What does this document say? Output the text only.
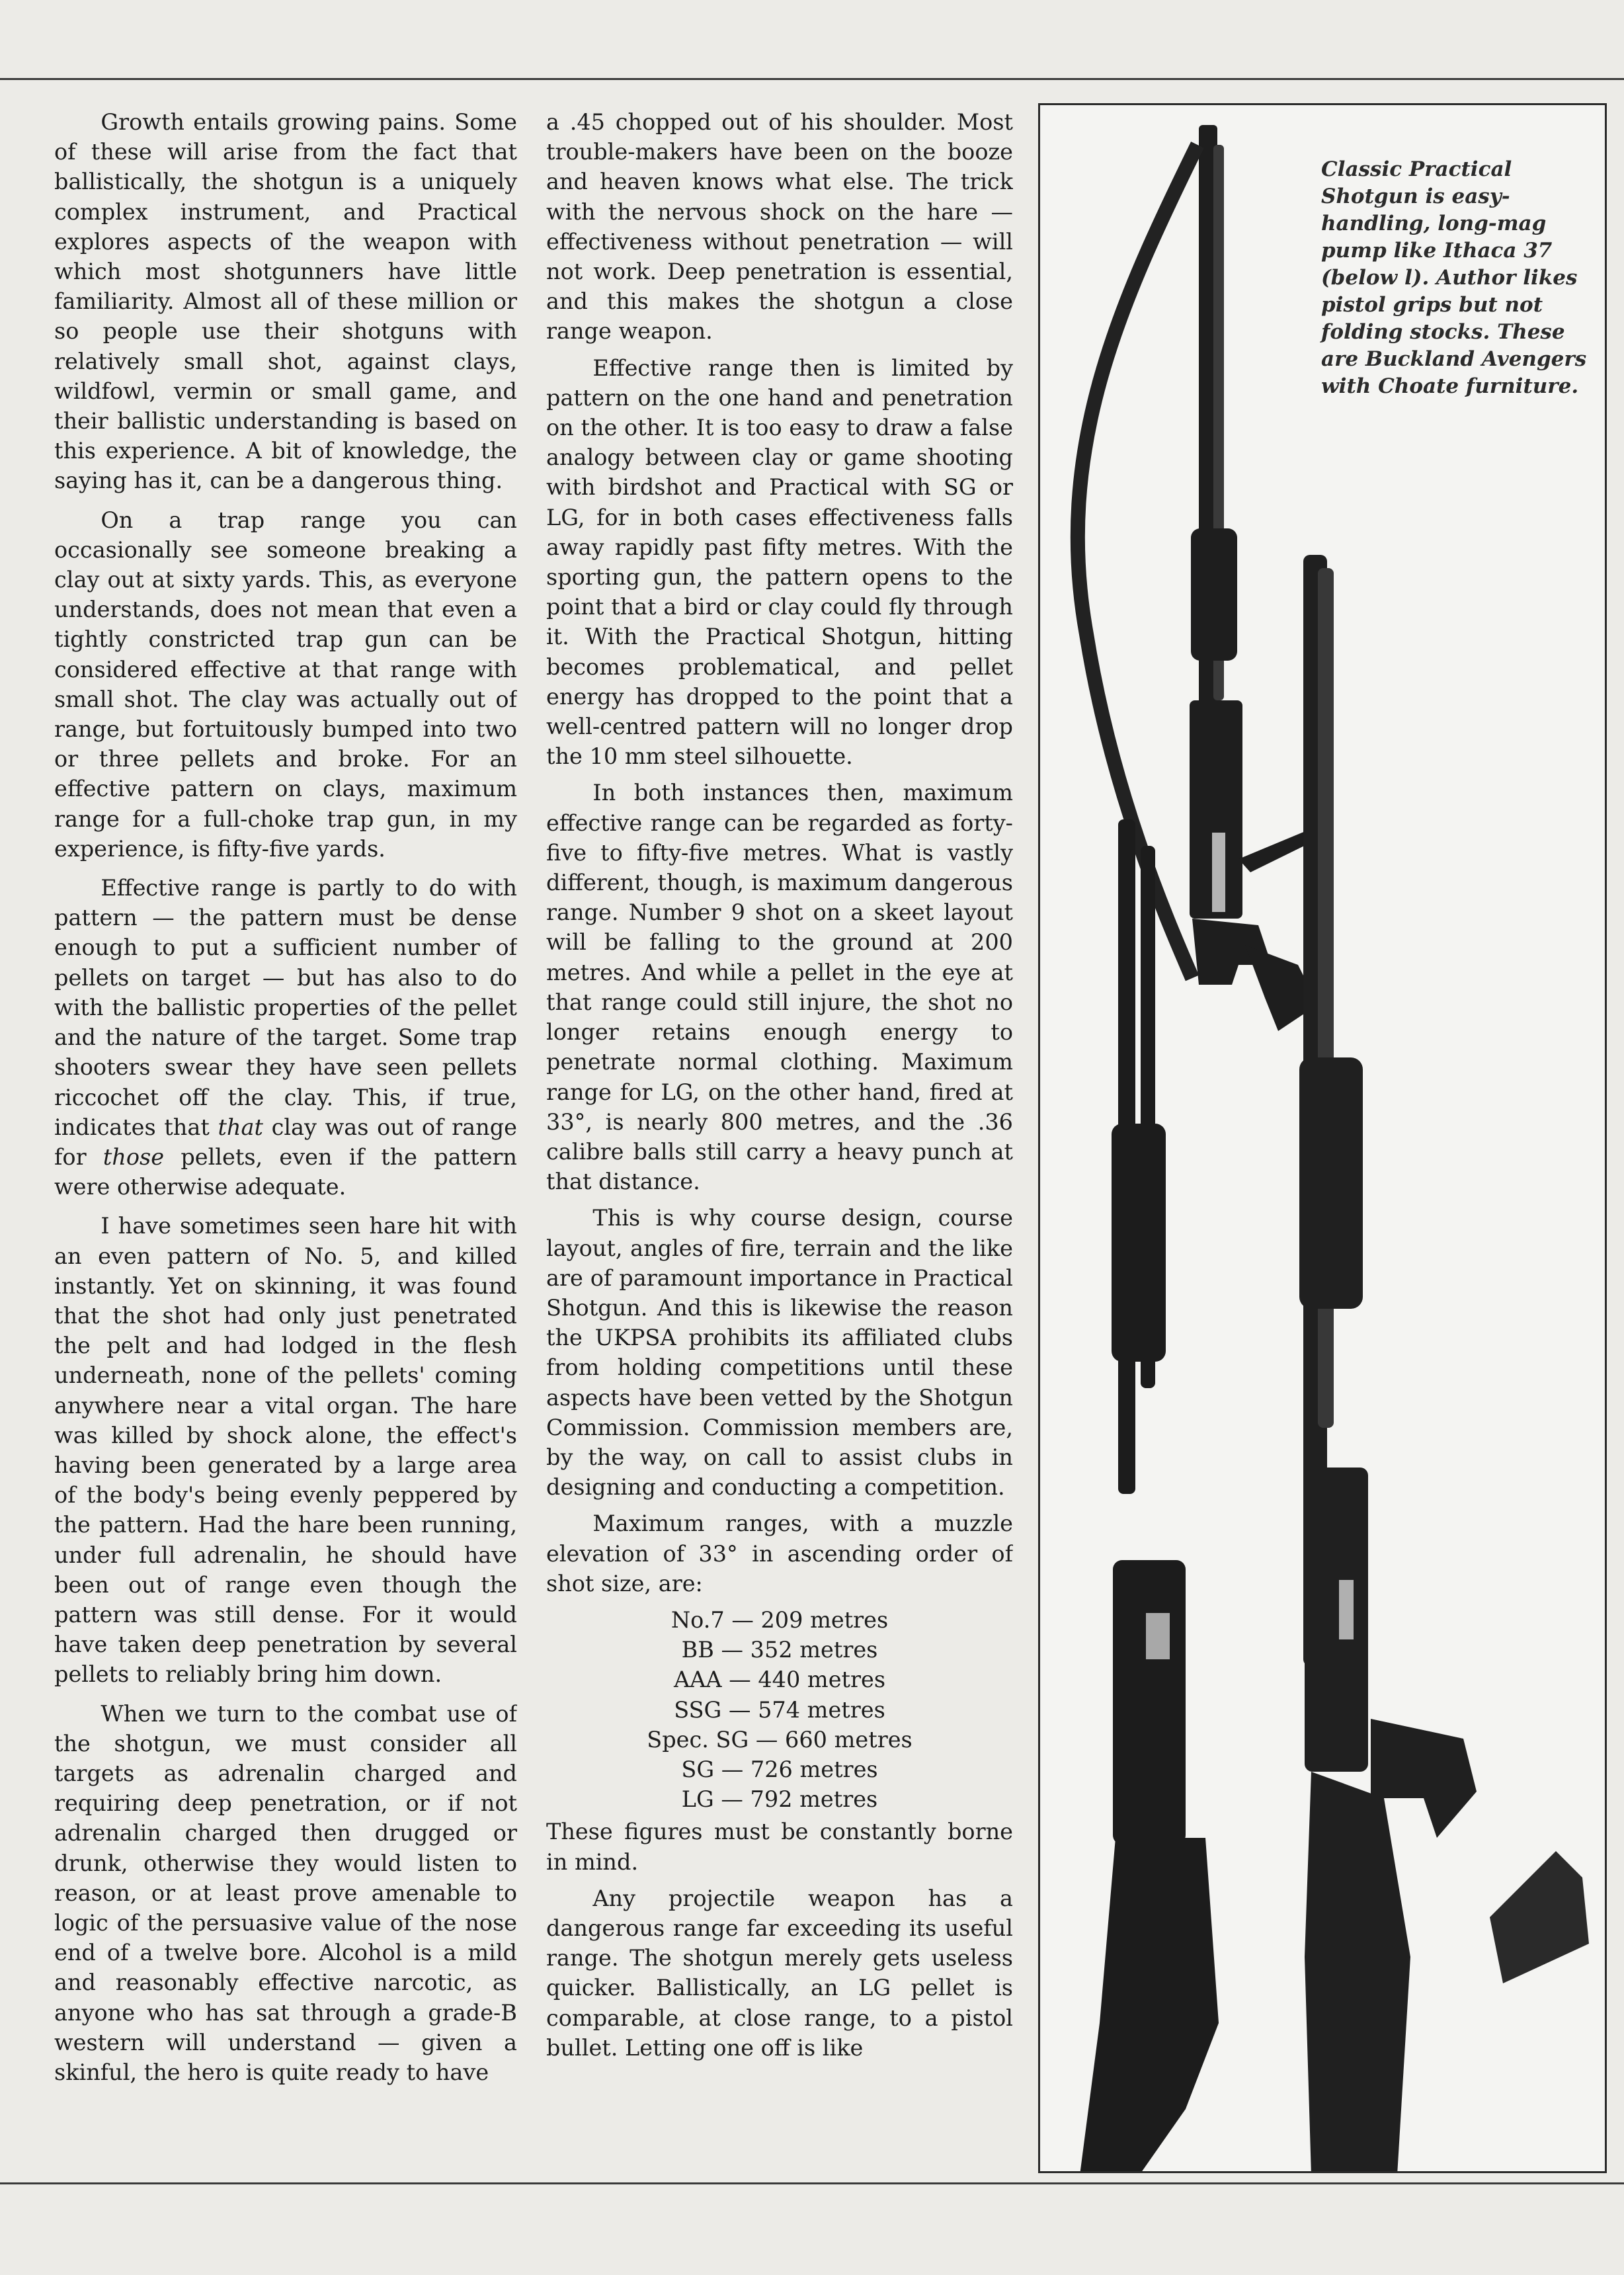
Growth entails growing pains. Some of these will arise from the fact that ballistically, the shotgun is a uniquely complex instrument, and Practical explores aspects of the weapon with which most shotgunners have little familiarity. Almost all of these million or so people use their shotguns with relatively small shot, against clays, wildfowl, vermin or small game, and their ballistic understanding is based on this experience. A bit of knowledge, the saying has it, can be a dangerous thing.

On a trap range you can occasionally see someone breaking a clay out at sixty yards. This, as everyone understands, does not mean that even a tightly constricted trap gun can be considered effective at that range with small shot. The clay was actually out of range, but fortuitously bumped into two or three pellets and broke. For an effective pattern on clays, maximum range for a full-choke trap gun, in my experience, is fifty-five yards.

Effective range is partly to do with pattern — the pattern must be dense enough to put a sufficient number of pellets on target — but has also to do with the ballistic properties of the pellet and the nature of the target. Some trap shooters swear they have seen pellets riccochet off the clay. This, if true, indicates that that clay was out of range for those pellets, even if the pattern were otherwise adequate.

I have sometimes seen hare hit with an even pattern of No. 5, and killed instantly. Yet on skinning, it was found that the shot had only just penetrated the pelt and had lodged in the flesh underneath, none of the pellets' coming anywhere near a vital organ. The hare was killed by shock alone, the effect's having been generated by a large area of the body's being evenly peppered by the pattern. Had the hare been running, under full adrenalin, he should have been out of range even though the pattern was still dense. For it would have taken deep penetration by several pellets to reliably bring him down.

When we turn to the combat use of the shotgun, we must consider all targets as adrenalin charged and requiring deep penetration, or if not adrenalin charged then drugged or drunk, otherwise they would listen to reason, or at least prove amenable to logic of the persuasive value of the nose end of a twelve bore. Alcohol is a mild and reasonably effective narcotic, as anyone who has sat through a grade-B western will understand — given a skinful, the hero is quite ready to have

a .45 chopped out of his shoulder. Most trouble-makers have been on the booze and heaven knows what else. The trick with the nervous shock on the hare — effectiveness without penetration — will not work. Deep penetration is essential, and this makes the shotgun a close range weapon.

Effective range then is limited by pattern on the one hand and penetration on the other. It is too easy to draw a false analogy between clay or game shooting with birdshot and Practical with SG or LG, for in both cases effectiveness falls away rapidly past fifty metres. With the sporting gun, the pattern opens to the point that a bird or clay could fly through it. With the Practical Shotgun, hitting becomes problematical, and pellet energy has dropped to the point that a well-centred pattern will no longer drop the 10 mm steel silhouette.

In both instances then, maximum effective range can be regarded as forty-five to fifty-five metres. What is vastly different, though, is maximum dangerous range. Number 9 shot on a skeet layout will be falling to the ground at 200 metres. And while a pellet in the eye at that range could still injure, the shot no longer retains enough energy to penetrate normal clothing. Maximum range for LG, on the other hand, fired at 33°, is nearly 800 metres, and the .36 calibre balls still carry a heavy punch at that distance.

This is why course design, course layout, angles of fire, terrain and the like are of paramount importance in Practical Shotgun. And this is likewise the reason the UKPSA prohibits its affiliated clubs from holding competitions until these aspects have been vetted by the Shotgun Commission. Commission members are, by the way, on call to assist clubs in designing and conducting a competition.

Maximum ranges, with a muzzle elevation of 33° in ascending order of shot size, are:

No.7 — 209 metres
BB — 352 metres
AAA — 440 metres
SSG — 574 metres
Spec. SG — 660 metres
SG — 726 metres
LG — 792 metres

These figures must be constantly borne in mind.

Any projectile weapon has a dangerous range far exceeding its useful range. The shotgun merely gets useless quicker. Ballistically, an LG pellet is comparable, at close range, to a pistol bullet. Letting one off is like

Classic Practical
Shotgun is easy-
handling, long-mag
pump like Ithaca 37
(below l). Author likes
pistol grips but not
folding stocks. These
are Buckland Avengers
with Choate furniture.
